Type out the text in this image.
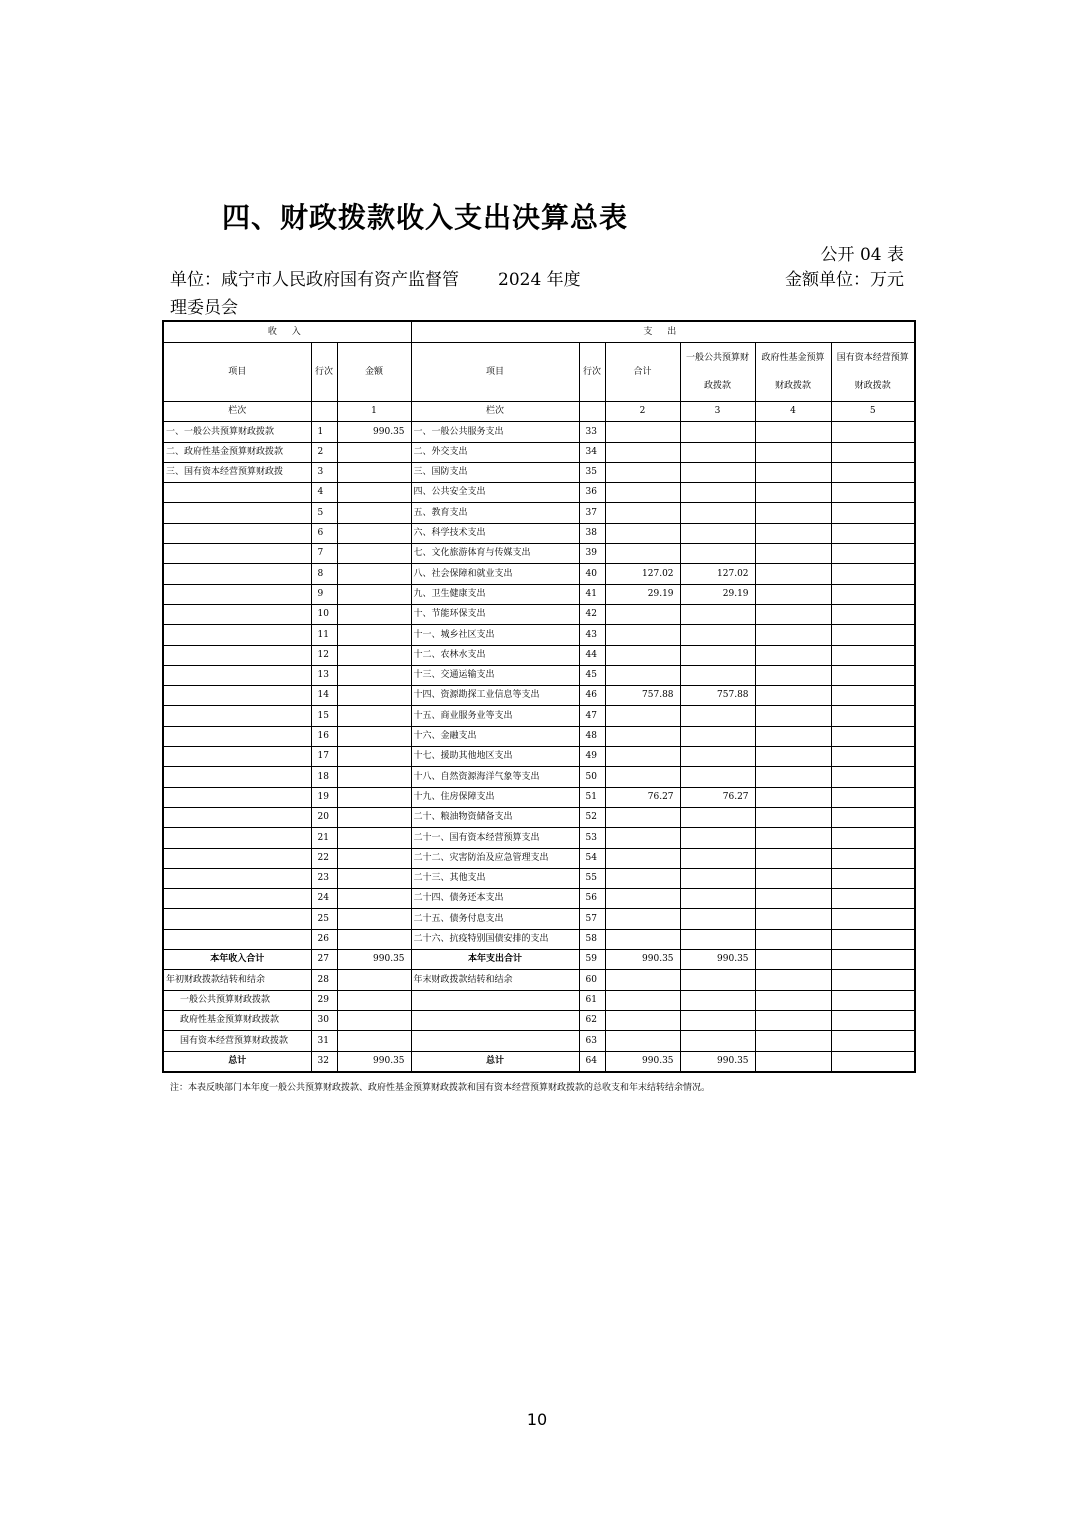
四、财政拨款收入支出决算总表
公开 04 表
单位：咸宁市人民政府国有资产监督管理委员会
2024 年度	金额单位：万元
收 入			支 出					
项目	行次	金额	项目	行次	合计	一般公共预算财政拨款	政府性基金预算财政拨款	国有资本经营预算财政拨款
栏次		1	栏次		2	3	4	5
一、一般公共预算财政拨款	1	990.35	一、一般公共服务支出	33				
二、政府性基金预算财政拨款	2		二、外交支出	34				
三、国有资本经营预算财政拨	3		三、国防支出	35				
	4		四、公共安全支出	36				
	5		五、教育支出	37				
	6		六、科学技术支出	38				
	7		七、文化旅游体育与传媒支出	39				
	8		八、社会保障和就业支出	40	127.02	127.02		
	9		九、卫生健康支出	41	29.19	29.19		
	10		十、节能环保支出	42				
	11		十一、城乡社区支出	43				
	12		十二、农林水支出	44				
	13		十三、交通运输支出	45				
	14		十四、资源勘探工业信息等支出	46	757.88	757.88		
	15		十五、商业服务业等支出	47				
	16		十六、金融支出	48				
	17		十七、援助其他地区支出	49				
	18		十八、自然资源海洋气象等支出	50				
	19		十九、住房保障支出	51	76.27	76.27		
	20		二十、粮油物资储备支出	52				
	21		二十一、国有资本经营预算支出	53				
	22		二十二、灾害防治及应急管理支出	54				
	23		二十三、其他支出	55				
	24		二十四、债务还本支出	56				
	25		二十五、债务付息支出	57				
	26		二十六、抗疫特别国债安排的支出	58				
本年收入合计	27	990.35	本年支出合计	59	990.35	990.35		
年初财政拨款结转和结余	28		年末财政拨款结转和结余	60				
一般公共预算财政拨款	29			61				
政府性基金预算财政拨款	30			62				
国有资本经营预算财政拨款	31			63				
总计	32	990.35	总计	64	990.35	990.35		
注：本表反映部门本年度一般公共预算财政拨款、政府性基金预算财政拨款和国有资本经营预算财政拨款的总收支和年末结转结余情况。
10
